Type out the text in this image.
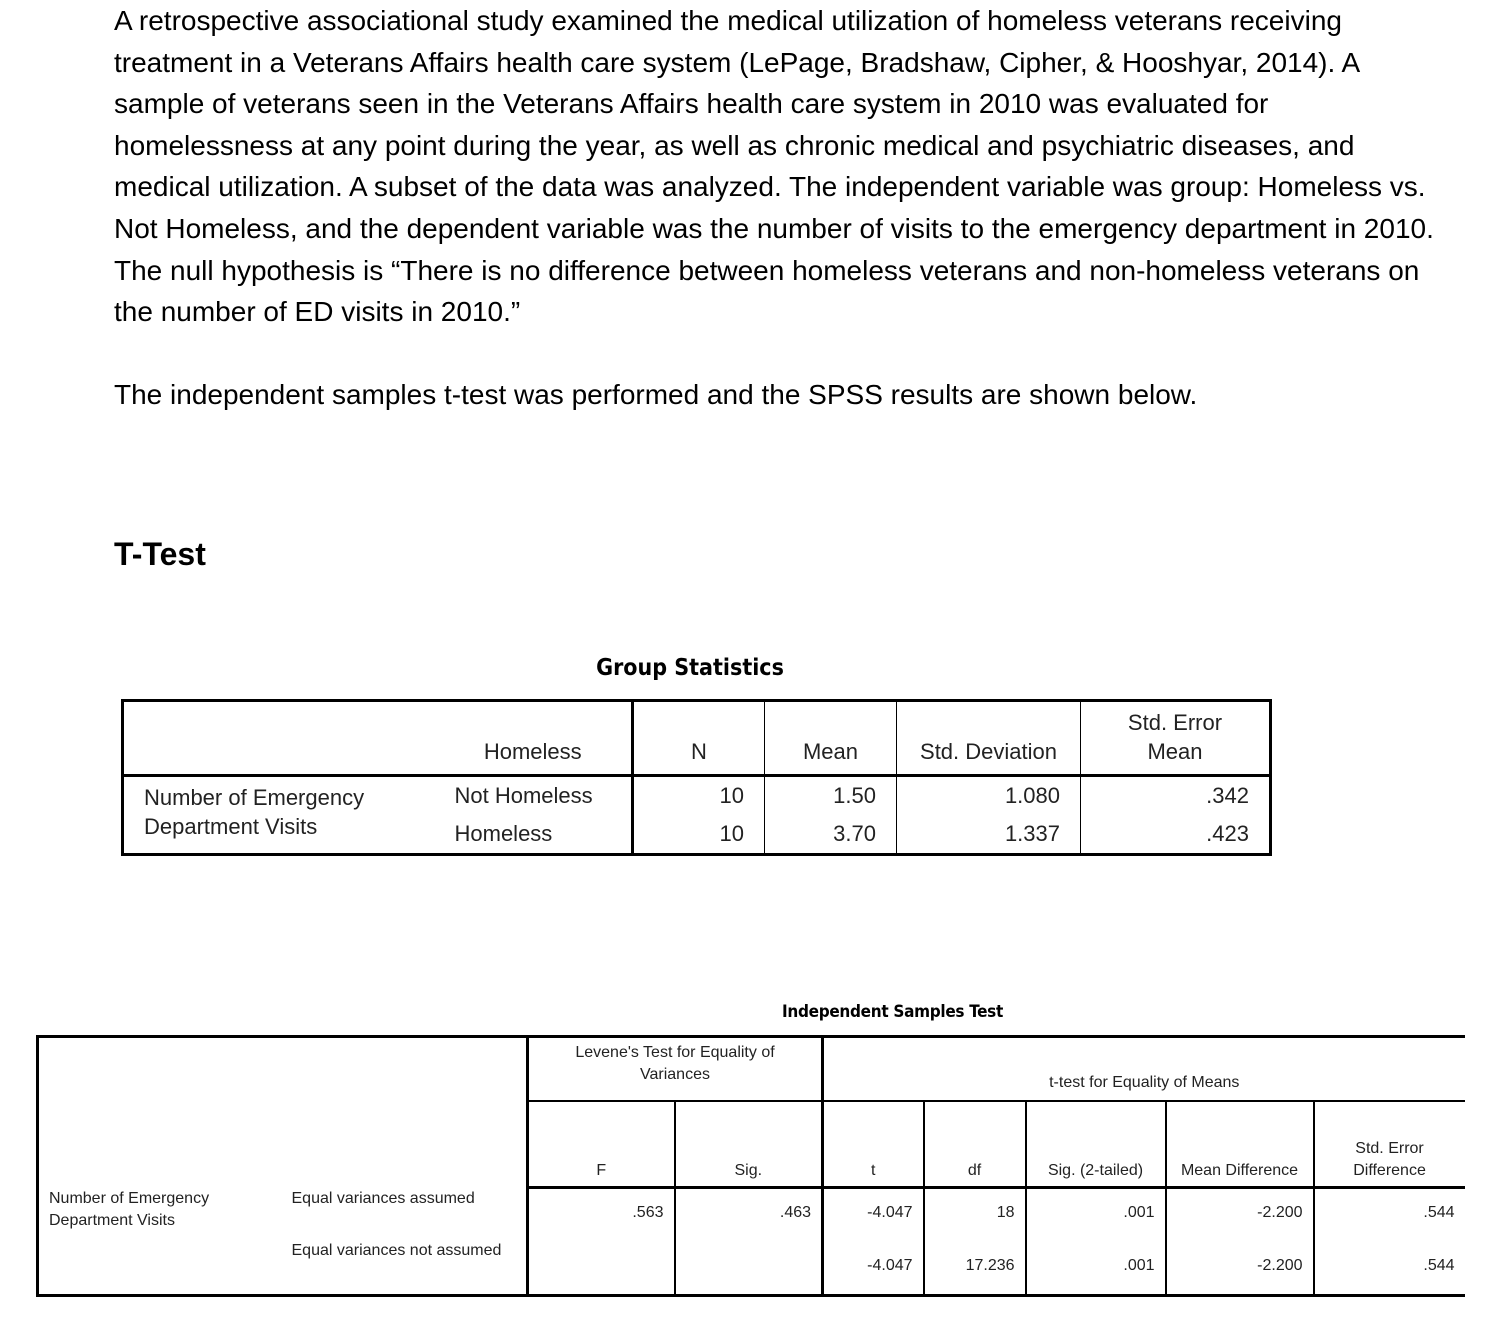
A retrospective associational study examined the medical utilization of homeless veterans receiving treatment in a Veterans Affairs health care system (LePage, Bradshaw, Cipher, & Hooshyar, 2014). A sample of veterans seen in the Veterans Affairs health care system in 2010 was evaluated for homelessness at any point during the year, as well as chronic medical and psychiatric diseases, and medical utilization. A subset of the data was analyzed. The independent variable was group: Homeless vs. Not Homeless, and the dependent variable was the number of visits to the emergency department in 2010. The null hypothesis is “There is no difference between homeless veterans and non-homeless veterans on the number of ED visits in 2010.”

The independent samples t-test was performed and the SPSS results are shown below.

T-Test
Group Statistics
	Homeless	N	Mean	Std. Deviation	Std. Error
Mean
Number of Emergency Department Visits	Not Homeless	10	1.50	1.080	.342
	Homeless	10	3.70	1.337	.423
Independent Samples Test
		Levene's Test for Equality of Variances		t-test for Equality of Means				
		F	Sig.	t	df	Sig. (2-tailed)	Mean Difference	Std. Error Difference
Number of Emergency Department Visits	Equal variances assumed	.563	.463	-4.047	18	.001	-2.200	.544
	Equal variances not assumed			-4.047	17.236	.001	-2.200	.544
